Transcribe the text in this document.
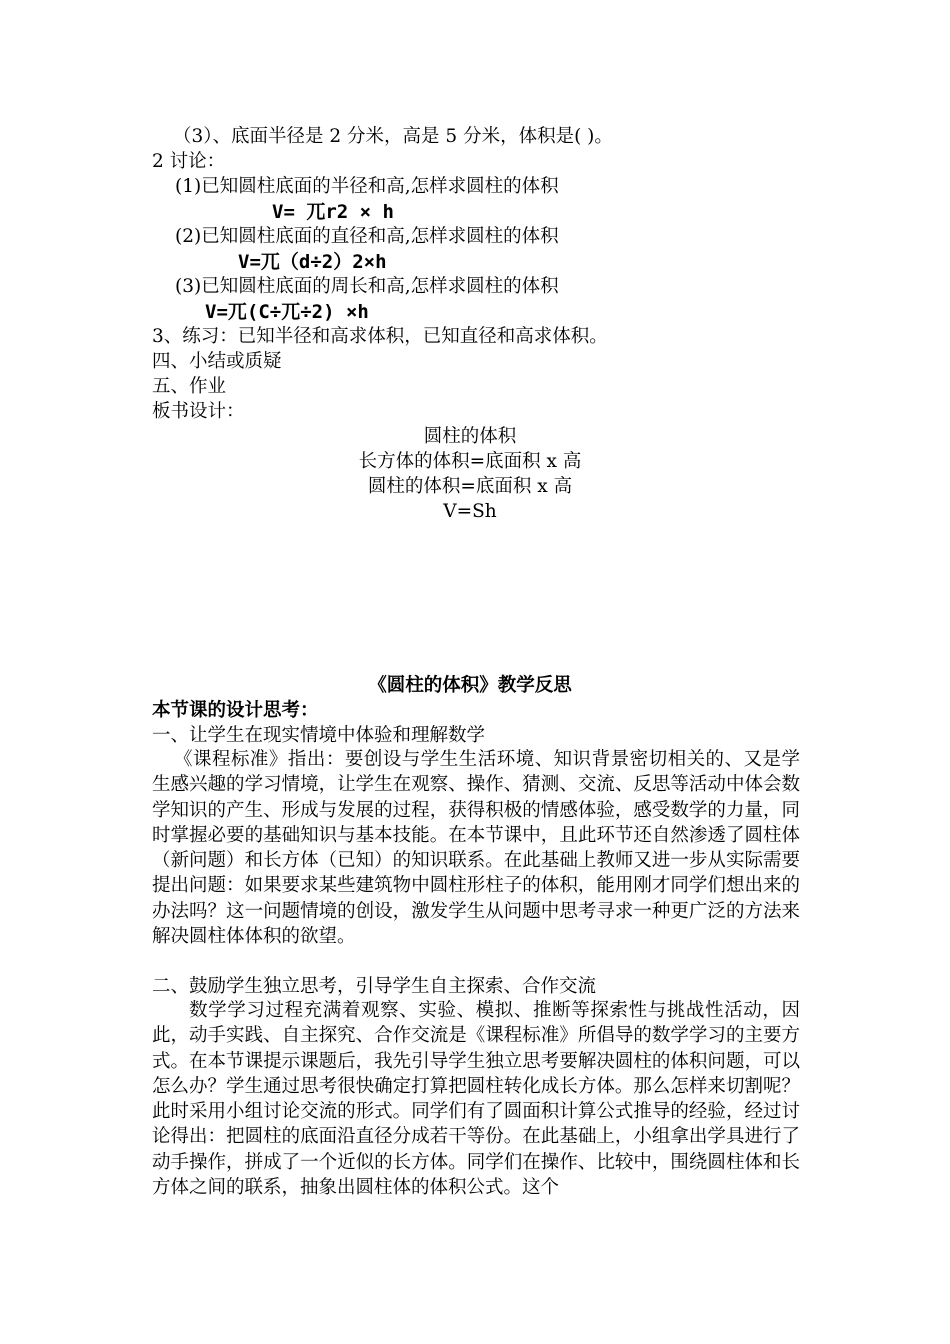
（3）、底面半径是 2 分米，高是 5 分米，体积是( )。
2 讨论：
(1)已知圆柱底面的半径和高,怎样求圆柱的体积
V= 兀r2 × h
(2)已知圆柱底面的直径和高,怎样求圆柱的体积
V=兀（d÷2）2×h
(3)已知圆柱底面的周长和高,怎样求圆柱的体积
V=兀(C÷兀÷2) ×h
3、练习：已知半径和高求体积，已知直径和高求体积。
四、小结或质疑
五、作业
板书设计：
圆柱的体积
长方体的体积=底面积 x 高
圆柱的体积=底面积 x 高
V=Sh
《圆柱的体积》教学反思
本节课的设计思考：
一、让学生在现实情境中体验和理解数学
《课程标准》指出：要创设与学生生活环境、知识背景密切相关的、又是学生感兴趣的学习情境，让学生在观察、操作、猜测、交流、反思等活动中体会数学知识的产生、形成与发展的过程，获得积极的情感体验，感受数学的力量，同时掌握必要的基础知识与基本技能。在本节课中，且此环节还自然渗透了圆柱体（新问题）和长方体（已知）的知识联系。在此基础上教师又进一步从实际需要提出问题：如果要求某些建筑物中圆柱形柱子的体积，能用刚才同学们想出来的办法吗？这一问题情境的创设，激发学生从问题中思考寻求一种更广泛的方法来解决圆柱体体积的欲望。
二、鼓励学生独立思考，引导学生自主探索、合作交流
数学学习过程充满着观察、实验、模拟、推断等探索性与挑战性活动，因此，动手实践、自主探究、合作交流是《课程标准》所倡导的数学学习的主要方式。在本节课提示课题后，我先引导学生独立思考要解决圆柱的体积问题，可以怎么办？学生通过思考很快确定打算把圆柱转化成长方体。那么怎样来切割呢？此时采用小组讨论交流的形式。同学们有了圆面积计算公式推导的经验，经过讨论得出：把圆柱的底面沿直径分成若干等份。在此基础上，小组拿出学具进行了动手操作，拼成了一个近似的长方体。同学们在操作、比较中，围绕圆柱体和长方体之间的联系，抽象出圆柱体的体积公式。这个
